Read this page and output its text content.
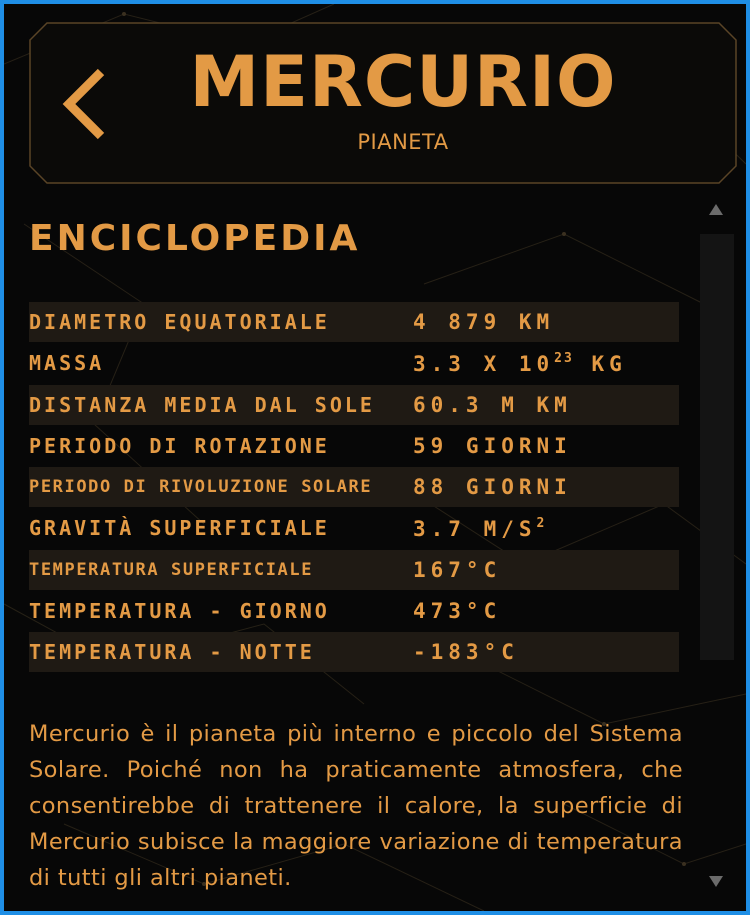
MERCURIO
PIANETA
ENCICLOPEDIA
DIAMETRO EQUATORIALE	4 879 KM
MASSA	3.3 X $10^{23}$ KG
DISTANZA MEDIA DAL SOLE	60.3 M KM
PERIODO DI ROTAZIONE	59 GIORNI
PERIODO DI RIVOLUZIONE SOLARE	88 GIORNI
GRAVITÀ SUPERFICIALE	3.7 $M/S^2$
TEMPERATURA SUPERFICIALE	167°C
TEMPERATURA - GIORNO	473°C
TEMPERATURA - NOTTE	-183°C
Mercurio è il pianeta più interno e piccolo del Sistema Solare. Poiché non ha praticamente atmosfera, che consentirebbe di trattenere il calore, la superficie di Mercurio subisce la maggiore variazione di temperatura di tutti gli altri pianeti.
